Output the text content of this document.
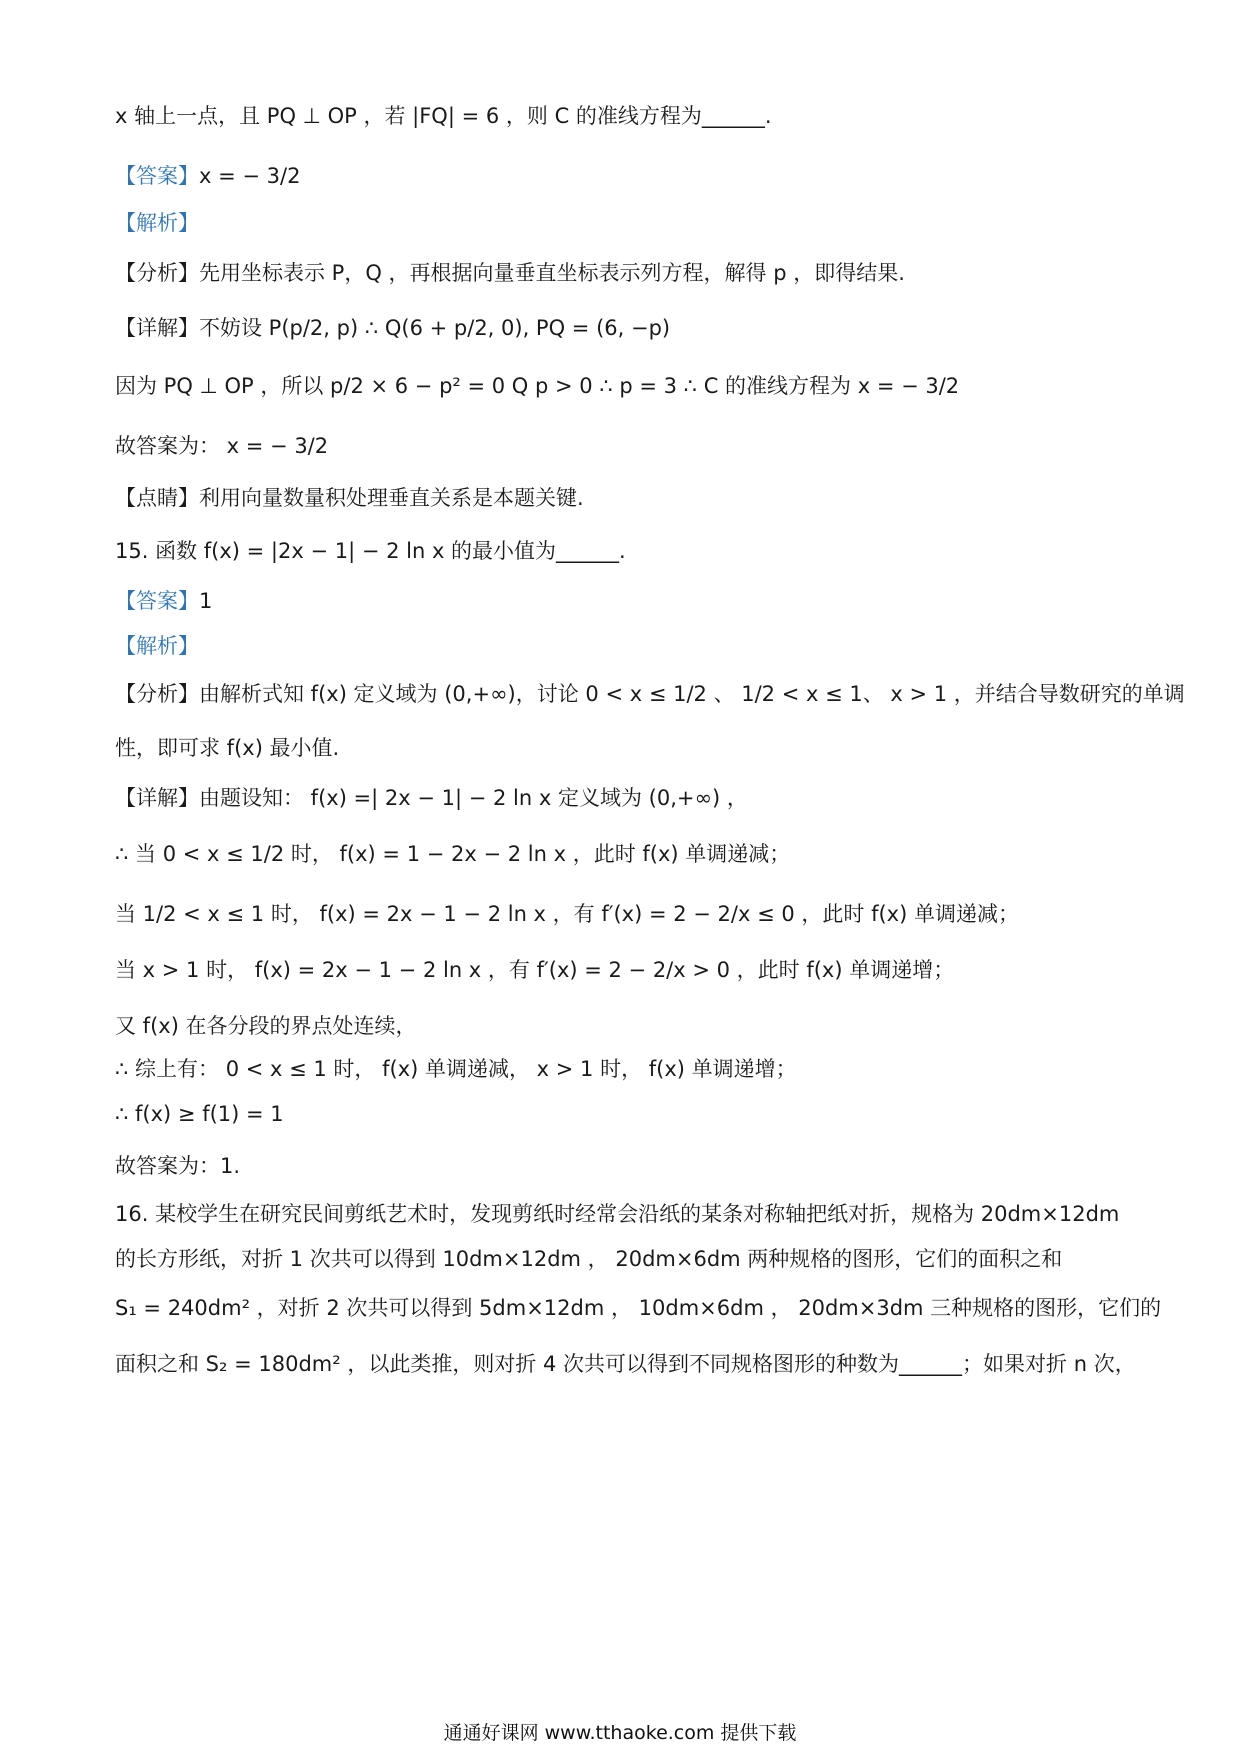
x 轴上一点，且 PQ ⊥ OP ，若 |FQ| = 6 ，则 C 的准线方程为______.
【答案】x = − 3/2
【解析】
【分析】先用坐标表示 P，Q ，再根据向量垂直坐标表示列方程，解得 p ，即得结果.
【详解】不妨设 P(p/2, p) ∴ Q(6 + p/2, 0), PQ = (6, −p)
因为 PQ ⊥ OP ，所以 p/2 × 6 − p² = 0 Q p > 0 ∴ p = 3 ∴ C 的准线方程为 x = − 3/2
故答案为： x = − 3/2
【点睛】利用向量数量积处理垂直关系是本题关键.
15. 函数 f(x) = |2x − 1| − 2 ln x 的最小值为______.
【答案】1
【解析】
【分析】由解析式知 f(x) 定义域为 (0,+∞)，讨论 0 < x ≤ 1/2 、 1/2 < x ≤ 1、 x > 1 ，并结合导数研究的单调
性，即可求 f(x) 最小值.
【详解】由题设知： f(x) =| 2x − 1| − 2 ln x 定义域为 (0,+∞) ，
∴ 当 0 < x ≤ 1/2 时， f(x) = 1 − 2x − 2 ln x ，此时 f(x) 单调递减；
当 1/2 < x ≤ 1 时， f(x) = 2x − 1 − 2 ln x ，有 f′(x) = 2 − 2/x ≤ 0 ，此时 f(x) 单调递减；
当 x > 1 时， f(x) = 2x − 1 − 2 ln x ，有 f′(x) = 2 − 2/x > 0 ，此时 f(x) 单调递增；
又 f(x) 在各分段的界点处连续，
∴ 综上有： 0 < x ≤ 1 时， f(x) 单调递减， x > 1 时， f(x) 单调递增；
∴ f(x) ≥ f(1) = 1
故答案为：1.
16. 某校学生在研究民间剪纸艺术时，发现剪纸时经常会沿纸的某条对称轴把纸对折，规格为 20dm×12dm
的长方形纸，对折 1 次共可以得到 10dm×12dm ， 20dm×6dm 两种规格的图形，它们的面积之和
S₁ = 240dm² ，对折 2 次共可以得到 5dm×12dm ， 10dm×6dm ， 20dm×3dm 三种规格的图形，它们的
面积之和 S₂ = 180dm² ，以此类推，则对折 4 次共可以得到不同规格图形的种数为______；如果对折 n 次，
通通好课网 www.tthaoke.com 提供下载
